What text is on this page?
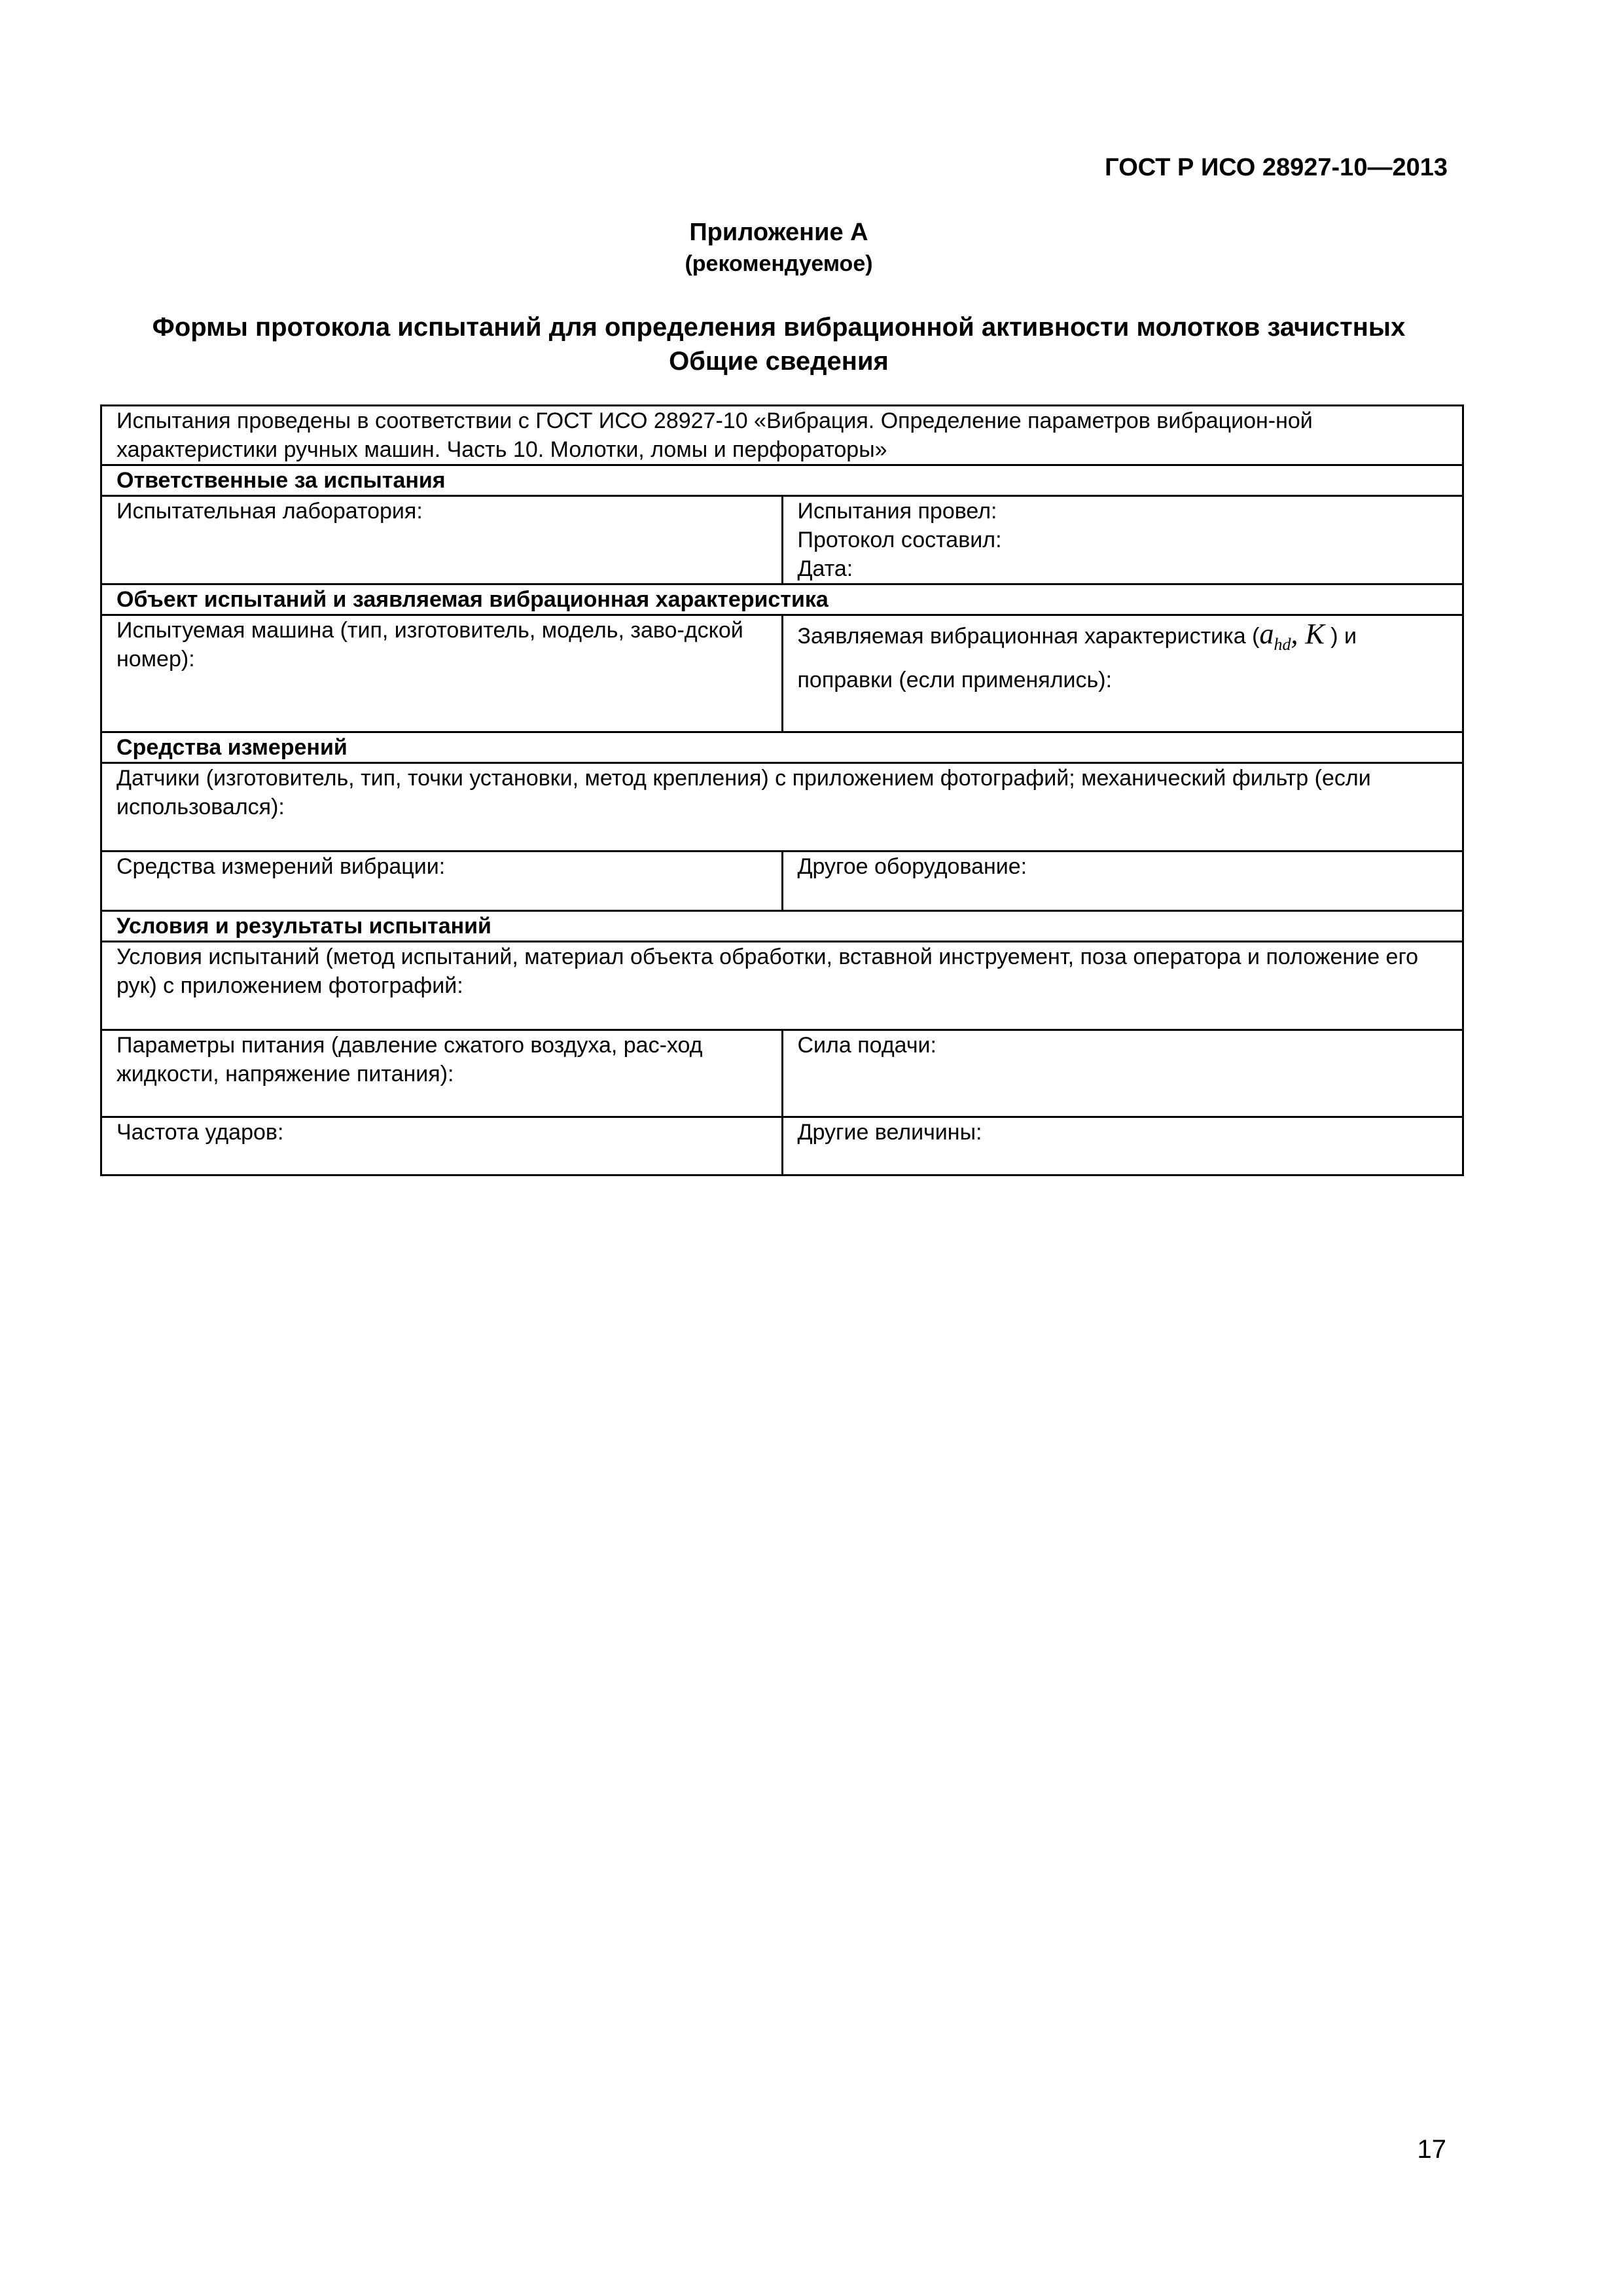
ГОСТ Р ИСО 28927-10—2013
Приложение А
(рекомендуемое)
Формы протокола испытаний для определения вибрационной активности молотков зачистных
Общие сведения
Испытания проведены в соответствии с ГОСТ ИСО 28927-10 «Вибрация. Определение параметров вибрацион-ной характеристики ручных машин. Часть 10. Молотки, ломы и перфораторы»	
Ответственные за испытания	
Испытательная лаборатория:	Испытания провел:
Протокол составил:
Дата:

Объект испытаний и заявляемая вибрационная характеристика	
Испытуемая машина (тип, изготовитель, модель, заво-дской номер):	Заявляемая вибрационная характеристика ($a_{hd}$, K ) и
поправки (если применялись):

Средства измерений	
Датчики (изготовитель, тип, точки установки, метод крепления) с приложением фотографий; механический фильтр (если использовался):	
Средства измерений вибрации:	Другое оборудование:
Условия и результаты испытаний	
Условия испытаний (метод испытаний, материал объекта обработки, вставной инструемент, поза оператора и положение его рук) с приложением фотографий:	
Параметры питания (давление сжатого воздуха, рас-ход жидкости, напряжение питания):	Сила подачи:
Частота ударов:	Другие величины:
17
